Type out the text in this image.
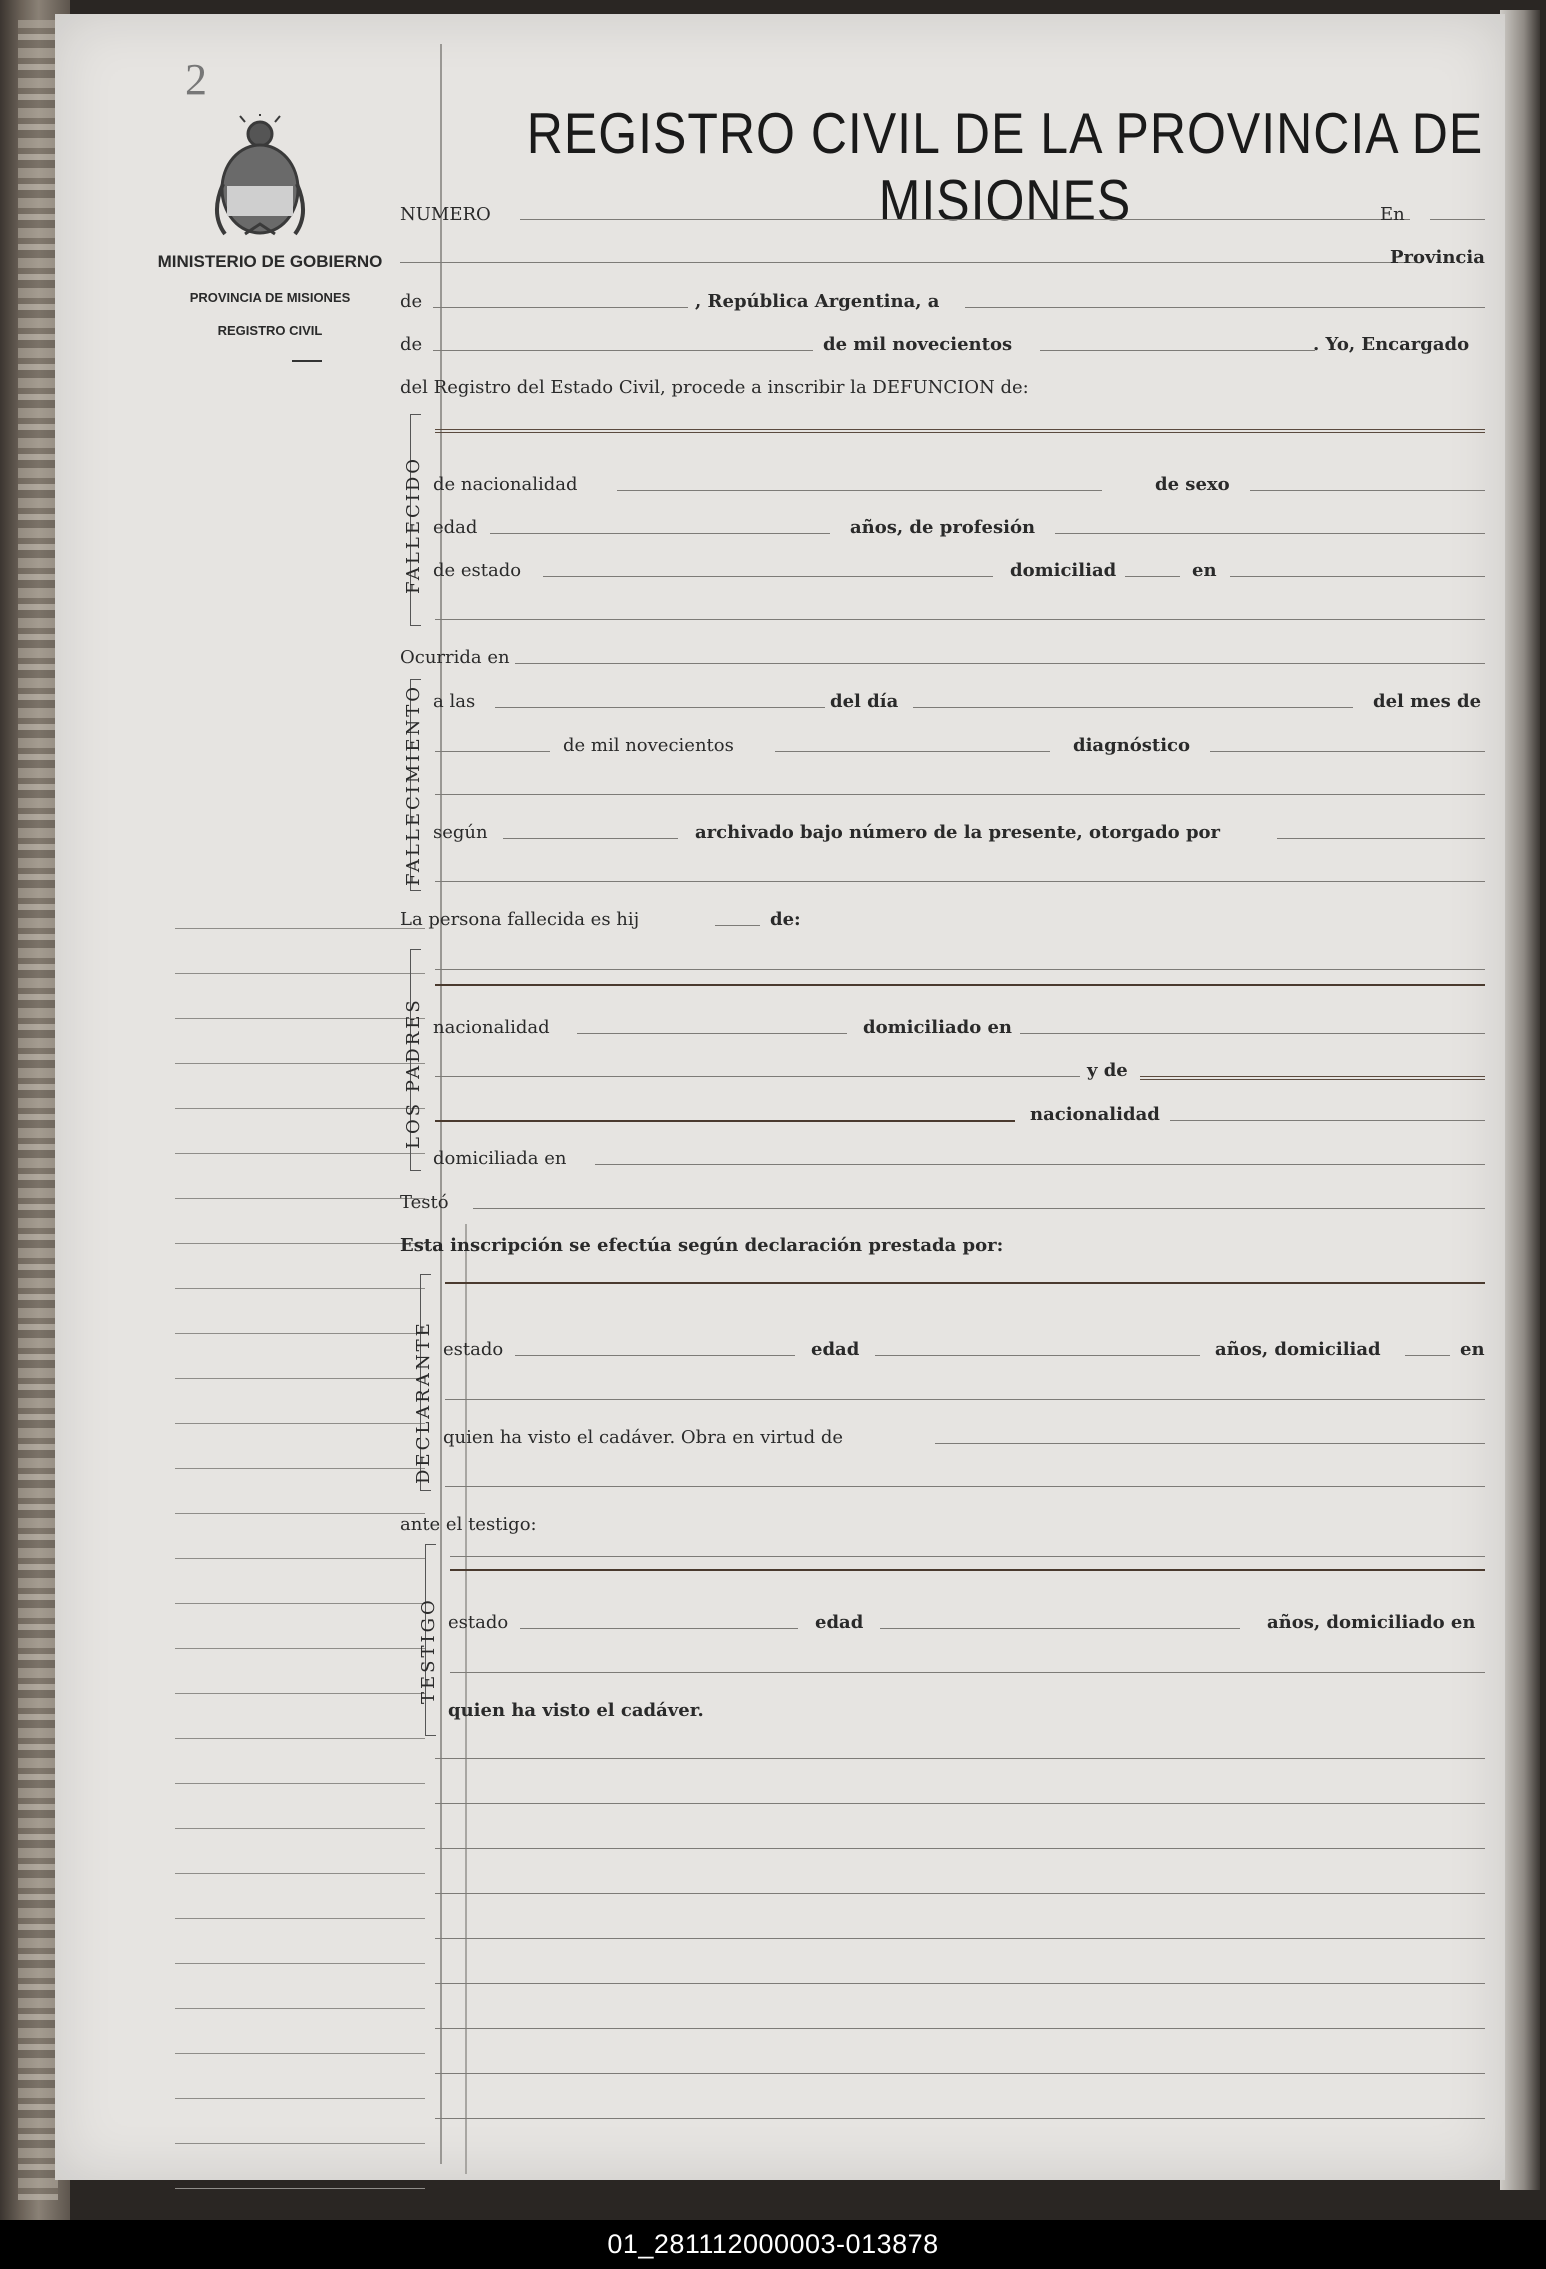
2
MINISTERIO DE GOBIERNO
PROVINCIA DE MISIONES
REGISTRO CIVIL
REGISTRO CIVIL DE LA PROVINCIA DE MISIONES
NUMERO	En
Provincia
de	, República Argentina, a
de	de mil novecientos	. Yo, Encargado
del Registro del Estado Civil, procede a inscribir la DEFUNCION de:
FALLECIDO de nacionalidad	de sexo
edad	años, de profesión
de estado	domiciliad	en
Ocurrida en
FALLECIMIENTO a las	del día	del mes de
de mil novecientos	diagnóstico
según	archivado bajo número de la presente, otorgado por
La persona fallecida es hij	de:
LOS PADRES nacionalidad	domiciliado en
y de
nacionalidad
domiciliada en
Testó
Esta inscripción se efectúa según declaración prestada por:
DECLARANTE estado	edad	años, domiciliad	en
quien ha visto el cadáver. Obra en virtud de
ante el testigo:
TESTIGO estado	edad	años, domiciliado en
quien ha visto el cadáver.
01_281112000003-013878
